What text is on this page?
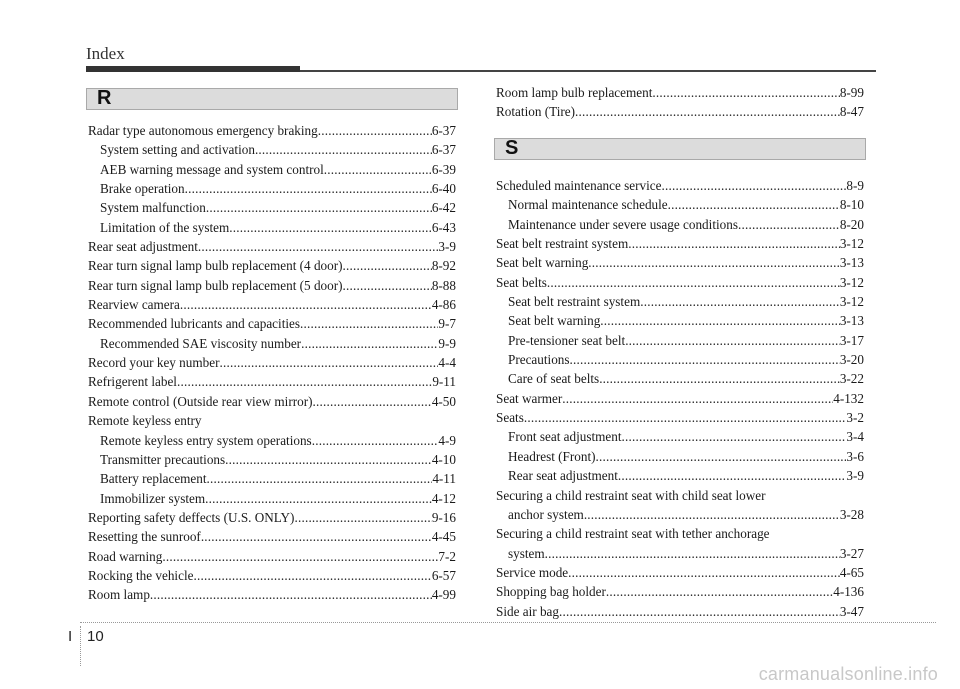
Index
R
Radar type autonomous emergency braking .....	6-37
System setting and activation .....	6-37
AEB warning message and system control .....	6-39
Brake operation .....	6-40
System malfunction .....	6-42
Limitation of the system .....	6-43
Rear seat adjustment .....	3-9
Rear turn signal lamp bulb replacement (4 door) .....	8-92
Rear turn signal lamp bulb replacement (5 door) .....	8-88
Rearview camera .....	4-86
Recommended lubricants and capacities .....	9-7
Recommended SAE viscosity number .....	9-9
Record your key number .....	4-4
Refrigerent label .....	9-11
Remote control (Outside rear view mirror) .....	4-50
Remote keyless entry
Remote keyless entry system operations .....	4-9
Transmitter precautions .....	4-10
Battery replacement .....	4-11
Immobilizer system .....	4-12
Reporting safety deffects (U.S. ONLY) .....	9-16
Resetting the sunroof .....	4-45
Road warning .....	7-2
Rocking the vehicle .....	6-57
Room lamp .....	4-99
Room lamp bulb replacement .....	8-99
Rotation (Tire) .....	8-47
S
Scheduled maintenance service .....	8-9
Normal maintenance schedule .....	8-10
Maintenance under severe usage conditions .....	8-20
Seat belt restraint system .....	3-12
Seat belt warning .....	3-13
Seat belts .....	3-12
Seat belt restraint system .....	3-12
Seat belt warning .....	3-13
Pre-tensioner seat belt .....	3-17
Precautions .....	3-20
Care of seat belts .....	3-22
Seat warmer .....	4-132
Seats .....	3-2
Front seat adjustment .....	3-4
Headrest (Front) .....	3-6
Rear seat adjustment .....	3-9
Securing a child restraint seat with child seat lower
anchor system .....	3-28
Securing a child restraint seat with tether anchorage
system .....	3-27
Service mode .....	4-65
Shopping bag holder .....	4-136
Side air bag .....	3-47
I 10
carmanualsonline.info
